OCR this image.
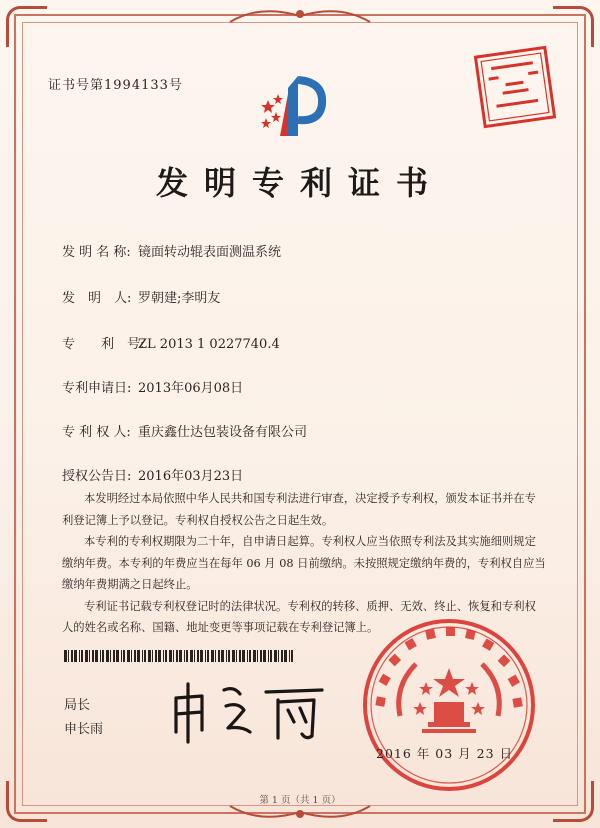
证书号第1994133号
发明专利证书
发 明 名 称: 镜面转动辊表面测温系统
发　明　人: 罗朝建;李明友
专　　利　号:ZL 2013 1 0227740.4
专利申请日: 2013年06月08日
专 利 权 人: 重庆鑫仕达包装设备有限公司
授权公告日: 2016年03月23日

本发明经过本局依照中华人民共和国专利法进行审查，决定授予专利权，颁发本证书并在专利登记簿上予以登记。专利权自授权公告之日起生效。

本专利的专利权期限为二十年，自申请日起算。专利权人应当依照专利法及其实施细则规定缴纳年费。本专利的年费应当在每年 06 月 08 日前缴纳。未按照规定缴纳年费的，专利权自应当缴纳年费期满之日起终止。

专利证书记载专利权登记时的法律状况。专利权的转移、质押、无效、终止、恢复和专利权人的姓名或名称、国籍、地址变更等事项记载在专利登记簿上。

局长
申长雨
2016 年 03 月 23 日
第 1 页（共 1 页）
